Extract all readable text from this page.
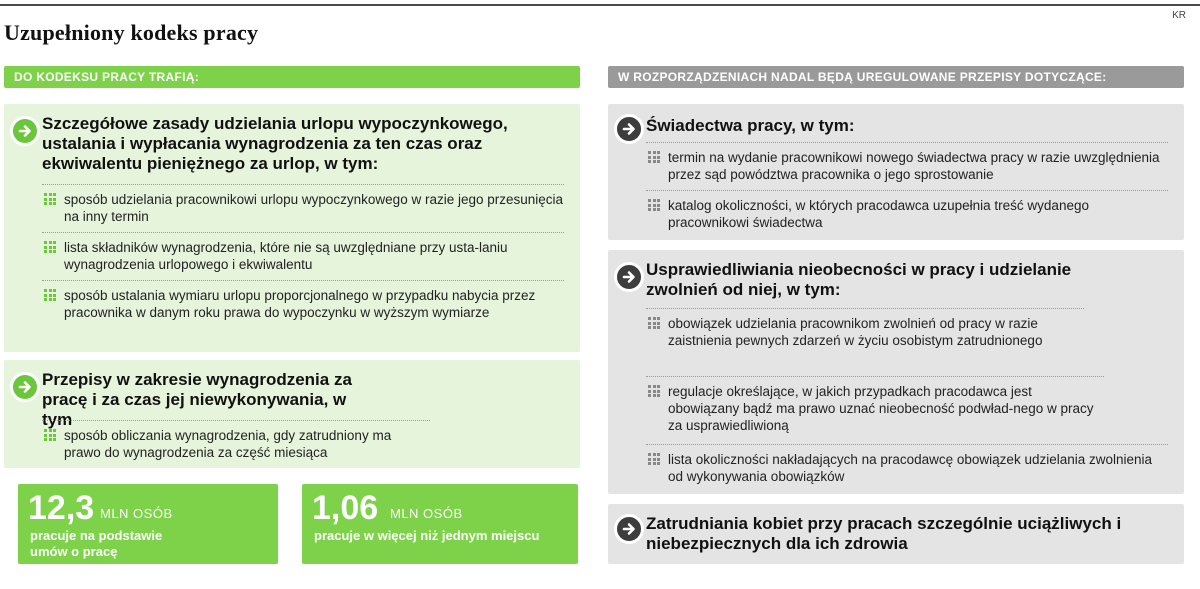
KR
Uzupełniony kodeks pracy
DO KODEKSU PRACY TRAFIĄ:
Szczegółowe zasady udzielania urlopu wypoczynkowego, ustalania i wypłacania wynagrodzenia za ten czas oraz ekwiwalentu pieniężnego za urlop, w tym:
sposób udzielania pracownikowi urlopu wypoczynkowego w razie jego przesunięcia na inny termin
lista składników wynagrodzenia, które nie są uwzględniane przy usta-laniu wynagrodzenia urlopowego i ekwiwalentu
sposób ustalania wymiaru urlopu proporcjonalnego w przypadku nabycia przez pracownika w danym roku prawa do wypoczynku w wyższym wymiarze
Przepisy w zakresie wynagrodzenia za pracę i za czas jej niewykonywania, w tym
sposób obliczania wynagrodzenia, gdy zatrudniony ma prawo do wynagrodzenia za część miesiąca
12,3 MLN OSÓB
pracuje na podstawie umów o pracę
1,06 MLN OSÓB
pracuje w więcej niż jednym miejscu
W ROZPORZĄDZENIACH NADAL BĘDĄ UREGULOWANE PRZEPISY DOTYCZĄCE:
Świadectwa pracy, w tym:
termin na wydanie pracownikowi nowego świadectwa pracy w razie uwzględnienia przez sąd powództwa pracownika o jego sprostowanie
katalog okoliczności, w których pracodawca uzupełnia treść wydanego pracownikowi świadectwa
Usprawiedliwiania nieobecności w pracy i udzielanie zwolnień od niej, w tym:
obowiązek udzielania pracownikom zwolnień od pracy w razie zaistnienia pewnych zdarzeń w życiu osobistym zatrudnionego
regulacje określające, w jakich przypadkach pracodawca jest obowiązany bądź ma prawo uznać nieobecność podwład-nego w pracy za usprawiedliwioną
lista okoliczności nakładających na pracodawcę obowiązek udzielania zwolnienia od wykonywania obowiązków
Zatrudniania kobiet przy pracach szczególnie uciążliwych i niebezpiecznych dla ich zdrowia
